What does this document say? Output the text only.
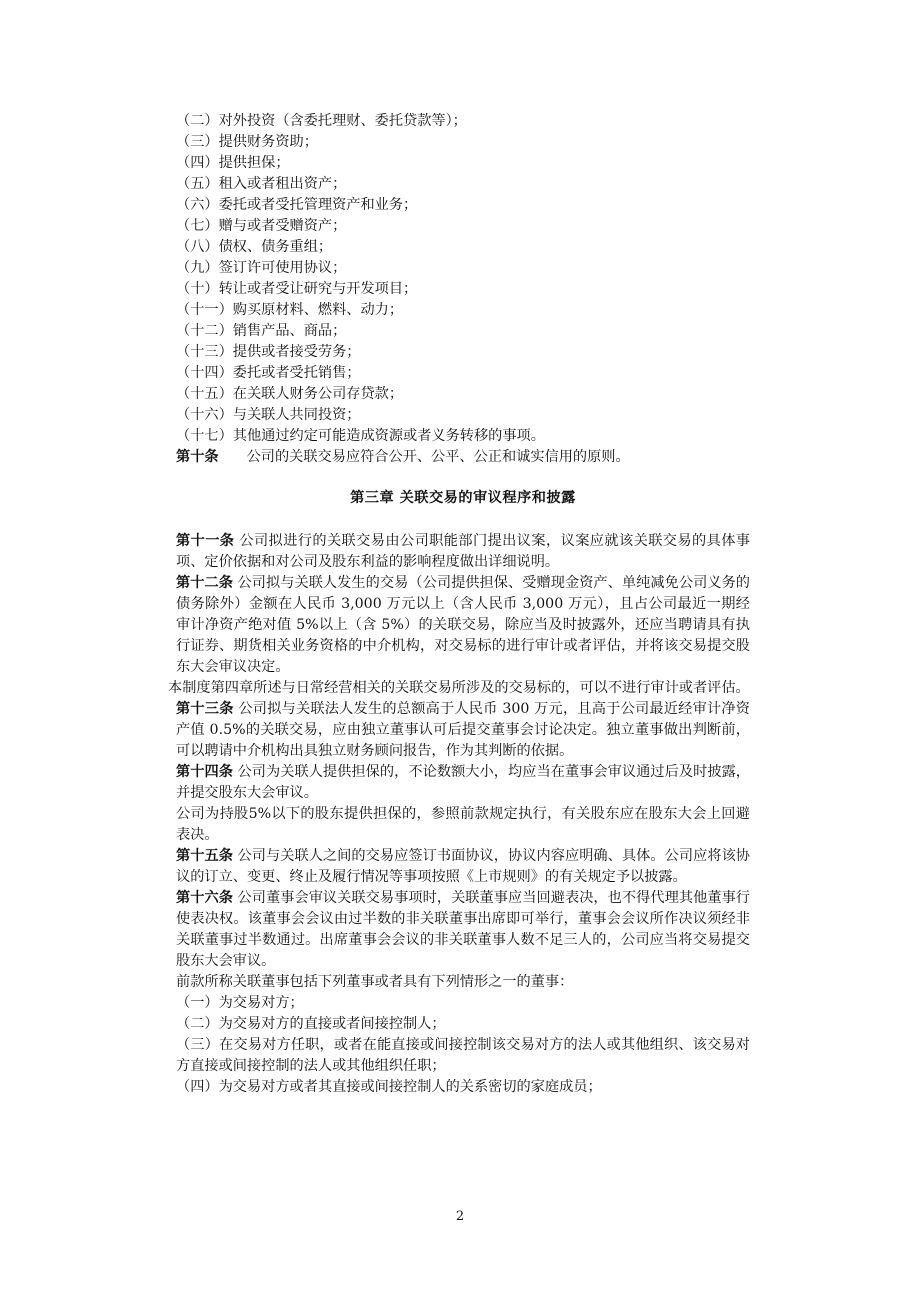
（二）对外投资（含委托理财、委托贷款等）；

（三）提供财务资助；

（四）提供担保；

（五）租入或者租出资产；

（六）委托或者受托管理资产和业务；

（七）赠与或者受赠资产；

（八）债权、债务重组；

（九）签订许可使用协议；

（十）转让或者受让研究与开发项目；

（十一）购买原材料、燃料、动力；

（十二）销售产品、商品；

（十三）提供或者接受劳务；

（十四）委托或者受托销售；

（十五）在关联人财务公司存贷款；

（十六）与关联人共同投资；

（十七）其他通过约定可能造成资源或者义务转移的事项。

第十条 公司的关联交易应符合公开、公平、公正和诚实信用的原则。

第三章 关联交易的审议程序和披露

第十一条 公司拟进行的关联交易由公司职能部门提出议案，议案应就该关联交易的具体事项、定价依据和对公司及股东利益的影响程度做出详细说明。

第十二条 公司拟与关联人发生的交易（公司提供担保、受赠现金资产、单纯减免公司义务的债务除外）金额在人民币 3,000 万元以上（含人民币 3,000 万元），且占公司最近一期经审计净资产绝对值 5%以上（含 5%）的关联交易，除应当及时披露外，还应当聘请具有执行证券、期货相关业务资格的中介机构，对交易标的进行审计或者评估，并将该交易提交股东大会审议决定。

本制度第四章所述与日常经营相关的关联交易所涉及的交易标的，可以不进行审计或者评估。

第十三条 公司拟与关联法人发生的总额高于人民币 300 万元，且高于公司最近经审计净资产值 0.5%的关联交易，应由独立董事认可后提交董事会讨论决定。独立董事做出判断前，可以聘请中介机构出具独立财务顾问报告，作为其判断的依据。

第十四条 公司为关联人提供担保的，不论数额大小，均应当在董事会审议通过后及时披露，并提交股东大会审议。

公司为持股5%以下的股东提供担保的，参照前款规定执行，有关股东应在股东大会上回避表决。

第十五条 公司与关联人之间的交易应签订书面协议，协议内容应明确、具体。公司应将该协议的订立、变更、终止及履行情况等事项按照《上市规则》的有关规定予以披露。

第十六条 公司董事会审议关联交易事项时，关联董事应当回避表决，也不得代理其他董事行使表决权。该董事会会议由过半数的非关联董事出席即可举行，董事会会议所作决议须经非关联董事过半数通过。出席董事会会议的非关联董事人数不足三人的，公司应当将交易提交股东大会审议。

前款所称关联董事包括下列董事或者具有下列情形之一的董事：

（一）为交易对方；

（二）为交易对方的直接或者间接控制人；

（三）在交易对方任职，或者在能直接或间接控制该交易对方的法人或其他组织、该交易对方直接或间接控制的法人或其他组织任职；

（四）为交易对方或者其直接或间接控制人的关系密切的家庭成员；

2
